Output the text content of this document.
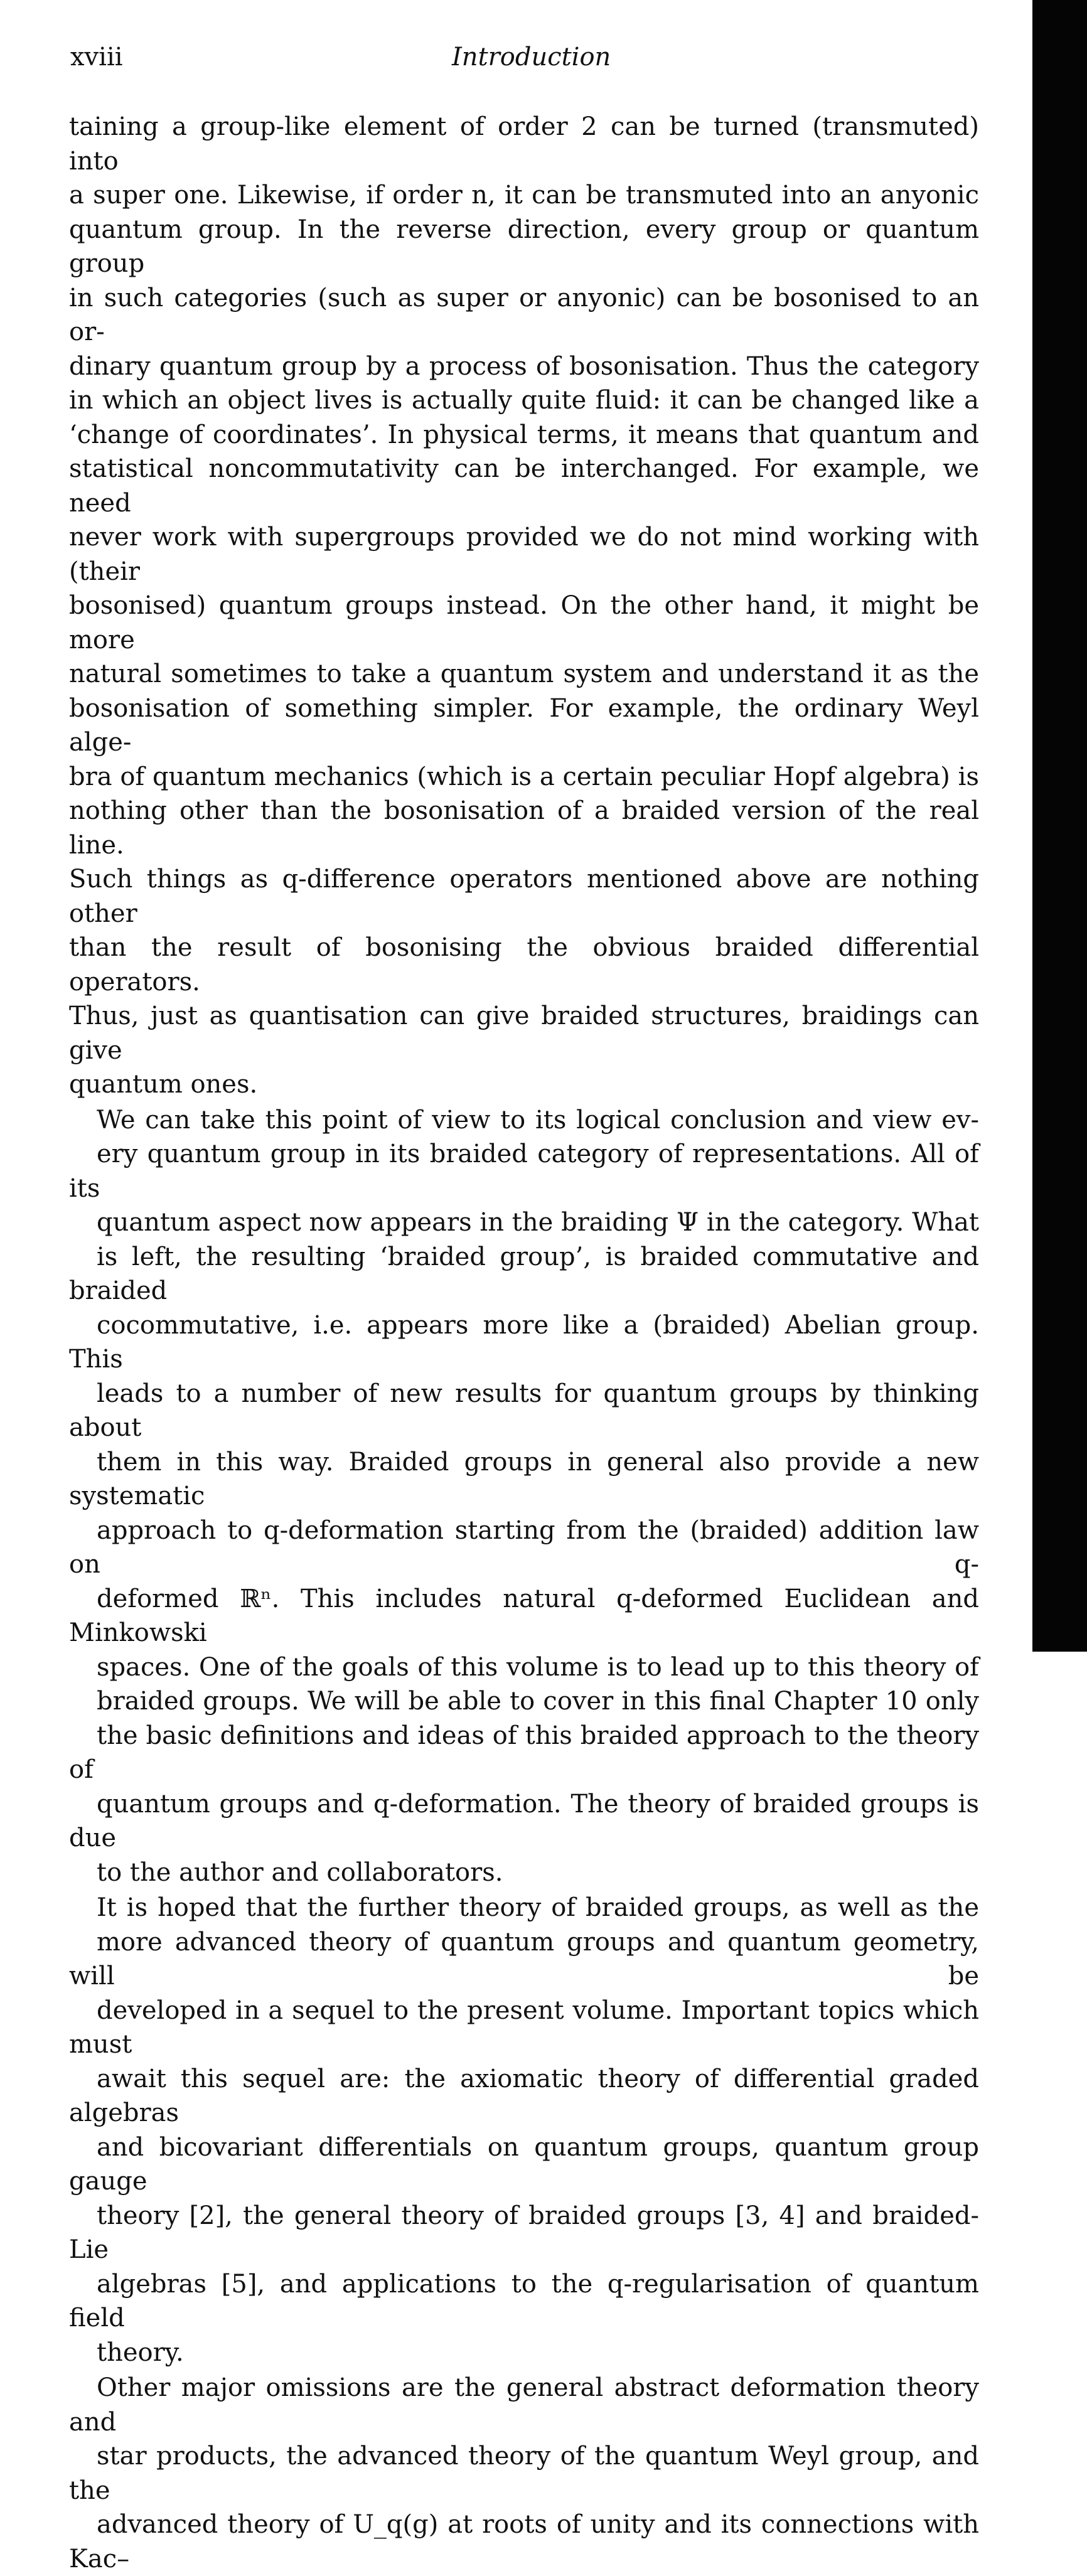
xviii	Introduction

taining a group-like element of order 2 can be turned (transmuted) into
a super one. Likewise, if order n, it can be transmuted into an anyonic
quantum group. In the reverse direction, every group or quantum group
in such categories (such as super or anyonic) can be bosonised to an or-
dinary quantum group by a process of bosonisation. Thus the category
in which an object lives is actually quite fluid: it can be changed like a
‘change of coordinates’. In physical terms, it means that quantum and
statistical noncommutativity can be interchanged. For example, we need
never work with supergroups provided we do not mind working with (their
bosonised) quantum groups instead. On the other hand, it might be more
natural sometimes to take a quantum system and understand it as the
bosonisation of something simpler. For example, the ordinary Weyl alge-
bra of quantum mechanics (which is a certain peculiar Hopf algebra) is
nothing other than the bosonisation of a braided version of the real line.
Such things as q-difference operators mentioned above are nothing other
than the result of bosonising the obvious braided differential operators.
Thus, just as quantisation can give braided structures, braidings can give
quantum ones.

We can take this point of view to its logical conclusion and view ev-
ery quantum group in its braided category of representations. All of its
quantum aspect now appears in the braiding Ψ in the category. What
is left, the resulting ‘braided group’, is braided commutative and braided
cocommutative, i.e. appears more like a (braided) Abelian group. This
leads to a number of new results for quantum groups by thinking about
them in this way. Braided groups in general also provide a new systematic
approach to q-deformation starting from the (braided) addition law on q-
deformed ℝⁿ. This includes natural q-deformed Euclidean and Minkowski
spaces. One of the goals of this volume is to lead up to this theory of
braided groups. We will be able to cover in this final Chapter 10 only
the basic definitions and ideas of this braided approach to the theory of
quantum groups and q-deformation. The theory of braided groups is due
to the author and collaborators.

It is hoped that the further theory of braided groups, as well as the
more advanced theory of quantum groups and quantum geometry, will be
developed in a sequel to the present volume. Important topics which must
await this sequel are: the axiomatic theory of differential graded algebras
and bicovariant differentials on quantum groups, quantum group gauge
theory [2], the general theory of braided groups [3, 4] and braided-Lie
algebras [5], and applications to the q-regularisation of quantum field
theory.

Other major omissions are the general abstract deformation theory and
star products, the advanced theory of the quantum Weyl group, and the
advanced theory of U_q(g) at roots of unity and its connections with Kac–
